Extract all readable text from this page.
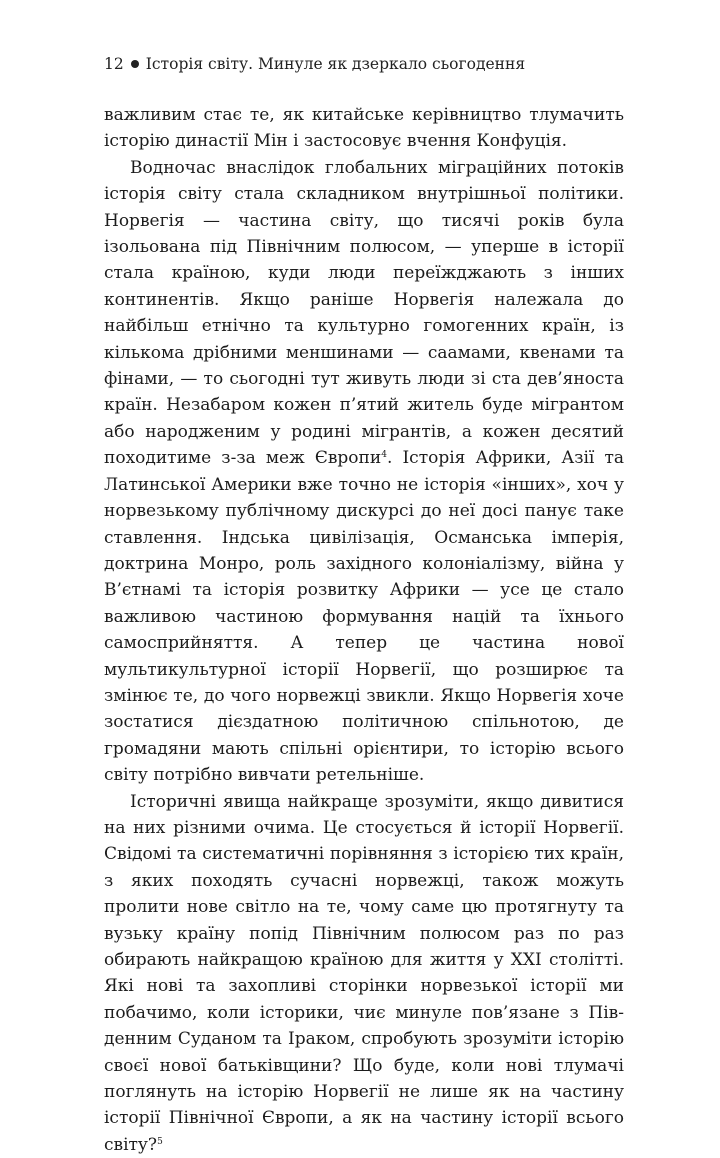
12 Історія світу. Минуле як дзеркало сьогодення

важливим стає те, як китайське керівництво тлумачить історію династії Мін і застосовує вчення Конфуція.

Водночас внаслідок глобальних міграційних потоків історія світу стала складником внутрішньої політики. Норвегія — частина світу, що тисячі років була ізольована під Північним полюсом, — уперше в історії стала країною, куди люди переїжджають з інших континентів. Якщо раніше Норвегія належала до найбільш етнічно та культурно гомогенних країн, із кількома дрібними меншинами — саамами, квенами та фінами, — то сьогодні тут живуть люди зі ста дев’яноста країн. Незабаром кожен п’ятий житель буде мігрантом або народженим у родині мігрантів, а кожен десятий походитиме з-за меж Європи$^4$. Історія Африки, Азії та Латинської Америки вже точно не історія «інших», хоч у норвезькому публічному дискурсі до неї досі панує таке ставлення. Індська цивілізація, Османська імперія, доктрина Монро, роль західного колоніалізму, війна у В’єтнамі та історія розвитку Африки — усе це стало важливою частиною формування націй та їхнього самосприйняття. А тепер це частина нової мультикультурної історії Норвегії, що розширює та змінює те, до чого норвежці звикли. Якщо Норвегія хоче зостатися дієздатною політичною спільнотою, де громадяни мають спільні орієнтири, то історію всього світу потрібно вивчати ретельніше.

Історичні явища найкраще зрозуміти, якщо дивитися на них різними очима. Це стосується й історії Норвегії. Свідомі та систематичні порівняння з історією тих країн, з яких походять сучасні норвежці, також можуть пролити нове світло на те, чому саме цю протягнуту та вузьку країну попід Північним полюсом раз по раз обирають найкращою країною для життя у XXI столітті. Які нові та захопливі сторінки норвезької історії ми побачимо, коли історики, чиє минуле пов’язане з Південним Суданом та Іраком, спробують зрозуміти історію своєї нової батьківщини? Що буде, коли нові тлумачі поглянуть на історію Норвегії не лише як на частину історії Північної Європи, а як на частину історії всього світу?$^5$
